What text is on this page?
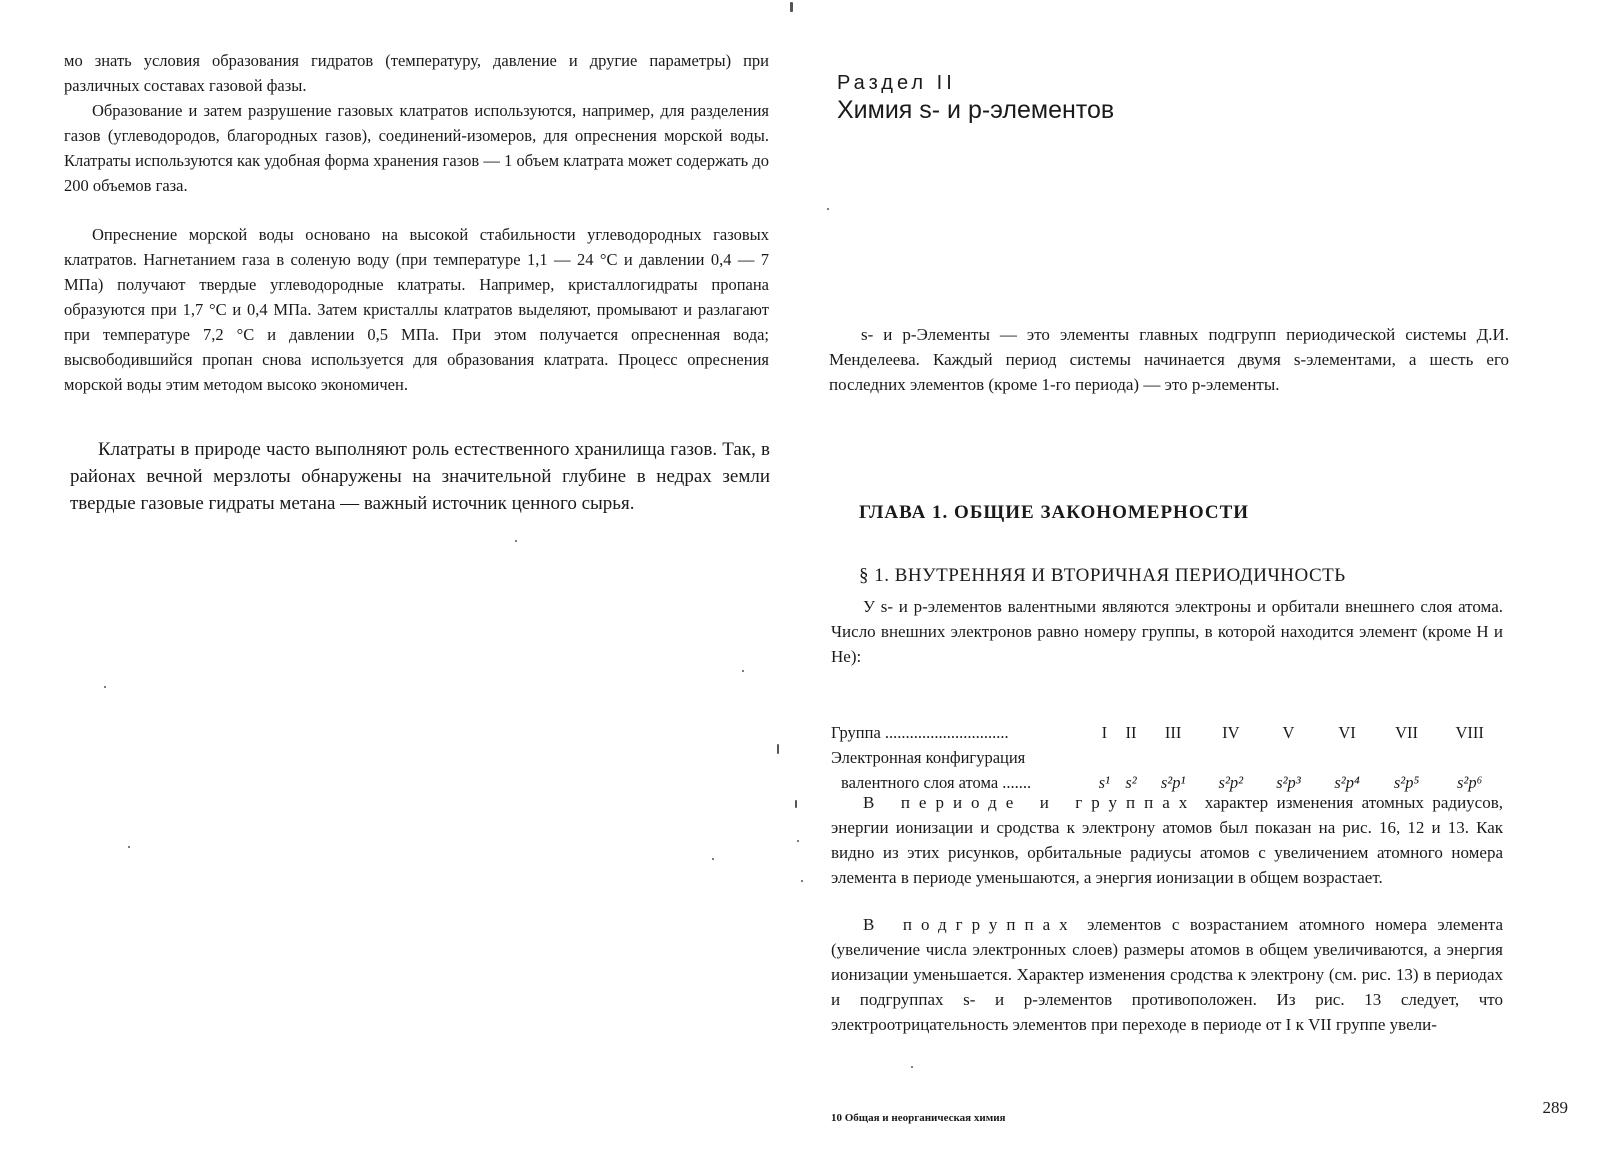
мо знать условия образования гидратов (температуру, давление и другие параметры) при различных составах газовой фазы.

Образование и затем разрушение газовых клатратов используются, например, для разделения газов (углеводородов, благородных газов), соединений-изомеров, для опреснения морской воды. Клатраты используются как удобная форма хранения газов — 1 объем клатрата может содержать до 200 объемов газа.

Опреснение морской воды основано на высокой стабильности углеводородных газовых клатратов. Нагнетанием газа в соленую воду (при температуре 1,1 — 24 °С и давлении 0,4 — 7 МПа) получают твердые углеводородные клатраты. Например, кристаллогидраты пропана образуются при 1,7 °С и 0,4 МПа. Затем кристаллы клатратов выделяют, промывают и разлагают при температуре 7,2 °С и давлении 0,5 МПа. При этом получается опресненная вода; высвободившийся пропан снова используется для образования клатрата. Процесс опреснения морской воды этим методом высоко экономичен.

Клатраты в природе часто выполняют роль естественного хранилища газов. Так, в районах вечной мерзлоты обнаружены на значительной глубине в недрах земли твердые газовые гидраты метана — важный источник ценного сырья.

Раздел II
Химия s- и p-элементов

s- и p-Элементы — это элементы главных подгрупп периодической системы Д.И. Менделеева. Каждый период системы начинается двумя s-элементами, а шесть его последних элементов (кроме 1-го периода) — это p-элементы.

ГЛАВА 1. ОБЩИЕ ЗАКОНОМЕРНОСТИ
§ 1. ВНУТРЕННЯЯ И ВТОРИЧНАЯ ПЕРИОДИЧНОСТЬ

У s- и p-элементов валентными являются электроны и орбитали внешнего слоя атома. Число внешних электронов равно номеру группы, в которой находится элемент (кроме Н и Не):

Группа ..............................	I	II	III	IV	V	VI	VII	VIII
Электронная конфигурация								
валентного слоя атома .......	s¹	s²	s²p¹	s²p²	s²p³	s²p⁴	s²p⁵	s²p⁶

В периоде и группах характер изменения атомных радиусов, энергии ионизации и сродства к электрону атомов был показан на рис. 16, 12 и 13. Как видно из этих рисунков, орбитальные радиусы атомов с увеличением атомного номера элемента в периоде уменьшаются, а энергия ионизации в общем возрастает.

В подгруппах элементов с возрастанием атомного номера элемента (увеличение числа электронных слоев) размеры атомов в общем увеличиваются, а энергия ионизации уменьшается. Характер изменения сродства к электрону (см. рис. 13) в периодах и подгруппах s- и p-элементов противоположен. Из рис. 13 следует, что электроотрицательность элементов при переходе в периоде от I к VII группе увели-

289
10 Общая и неорганическая химия
